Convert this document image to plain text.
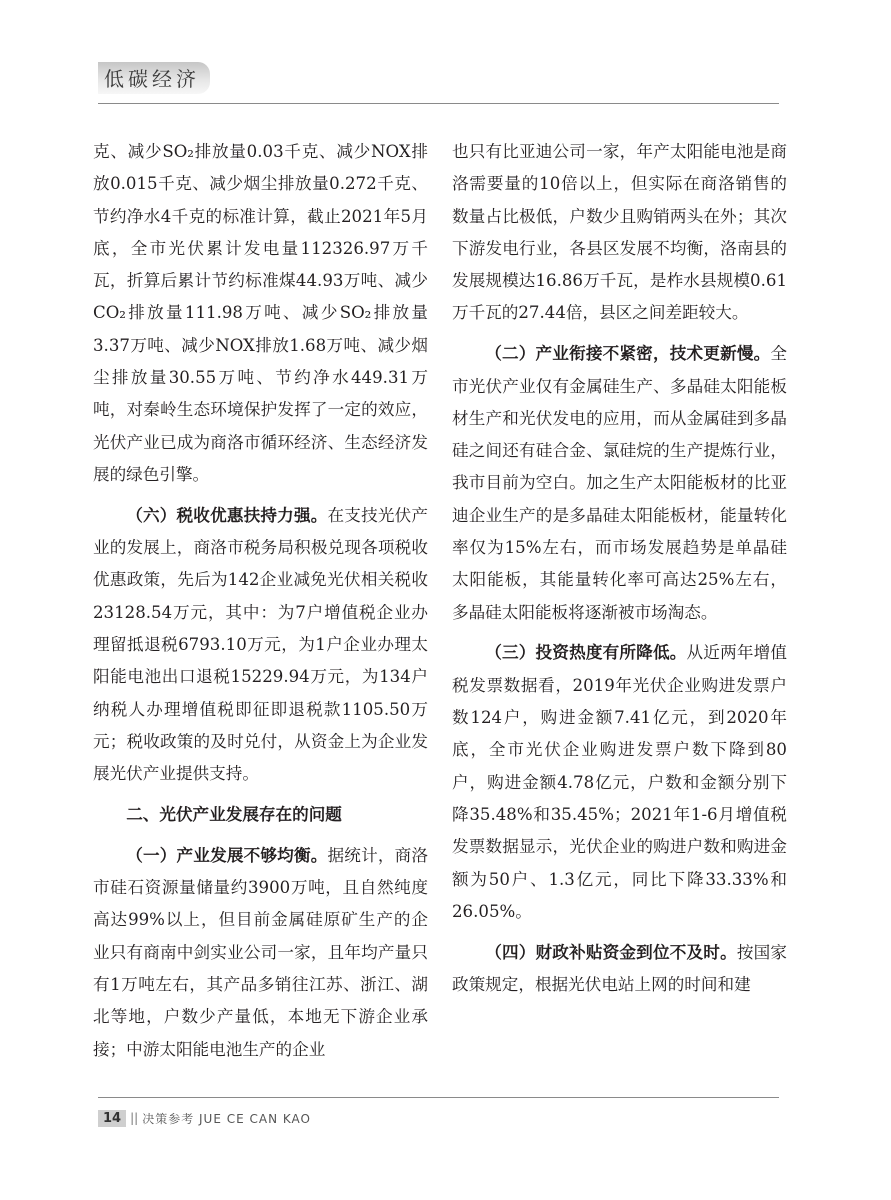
低碳经济

克、减少SO₂排放量0.03千克、减少NOX排放0.015千克、减少烟尘排放量0.272千克、节约净水4千克的标准计算，截止2021年5月底，全市光伏累计发电量112326.97万千瓦，折算后累计节约标准煤44.93万吨、减少CO₂排放量111.98万吨、减少SO₂排放量3.37万吨、减少NOX排放1.68万吨、减少烟尘排放量30.55万吨、节约净水449.31万吨，对秦岭生态环境保护发挥了一定的效应，光伏产业已成为商洛市循环经济、生态经济发展的绿色引擎。

（六）税收优惠扶持力强。在支技光伏产业的发展上，商洛市税务局积极兑现各项税收优惠政策，先后为142企业减免光伏相关税收23128.54万元，其中：为7户增值税企业办理留抵退税6793.10万元，为1户企业办理太阳能电池出口退税15229.94万元，为134户纳税人办理增值税即征即退税款1105.50万元；税收政策的及时兑付，从资金上为企业发展光伏产业提供支持。

二、光伏产业发展存在的问题

（一）产业发展不够均衡。据统计，商洛市硅石资源量储量约3900万吨，且自然纯度高达99%以上，但目前金属硅原矿生产的企业只有商南中剑实业公司一家，且年均产量只有1万吨左右，其产品多销往江苏、浙江、湖北等地，户数少产量低，本地无下游企业承接；中游太阳能电池生产的企业

也只有比亚迪公司一家，年产太阳能电池是商洛需要量的10倍以上，但实际在商洛销售的数量占比极低，户数少且购销两头在外；其次下游发电行业，各县区发展不均衡，洛南县的发展规模达16.86万千瓦，是柞水县规模0.61万千瓦的27.44倍，县区之间差距较大。

（二）产业衔接不紧密，技术更新慢。全市光伏产业仅有金属硅生产、多晶硅太阳能板材生产和光伏发电的应用，而从金属硅到多晶硅之间还有硅合金、氯硅烷的生产提炼行业，我市目前为空白。加之生产太阳能板材的比亚迪企业生产的是多晶硅太阳能板材，能量转化率仅为15%左右，而市场发展趋势是单晶硅太阳能板，其能量转化率可高达25%左右，多晶硅太阳能板将逐渐被市场淘态。

（三）投资热度有所降低。从近两年增值税发票数据看，2019年光伏企业购进发票户数124户，购进金额7.41亿元，到2020年底，全市光伏企业购进发票户数下降到80户，购进金额4.78亿元，户数和金额分别下降35.48%和35.45%；2021年1-6月增值税发票数据显示，光伏企业的购进户数和购进金额为50户、1.3亿元，同比下降33.33%和26.05%。

（四）财政补贴资金到位不及时。按国家政策规定，根据光伏电站上网的时间和建

14 || 决策参考 JUE CE CAN KAO
